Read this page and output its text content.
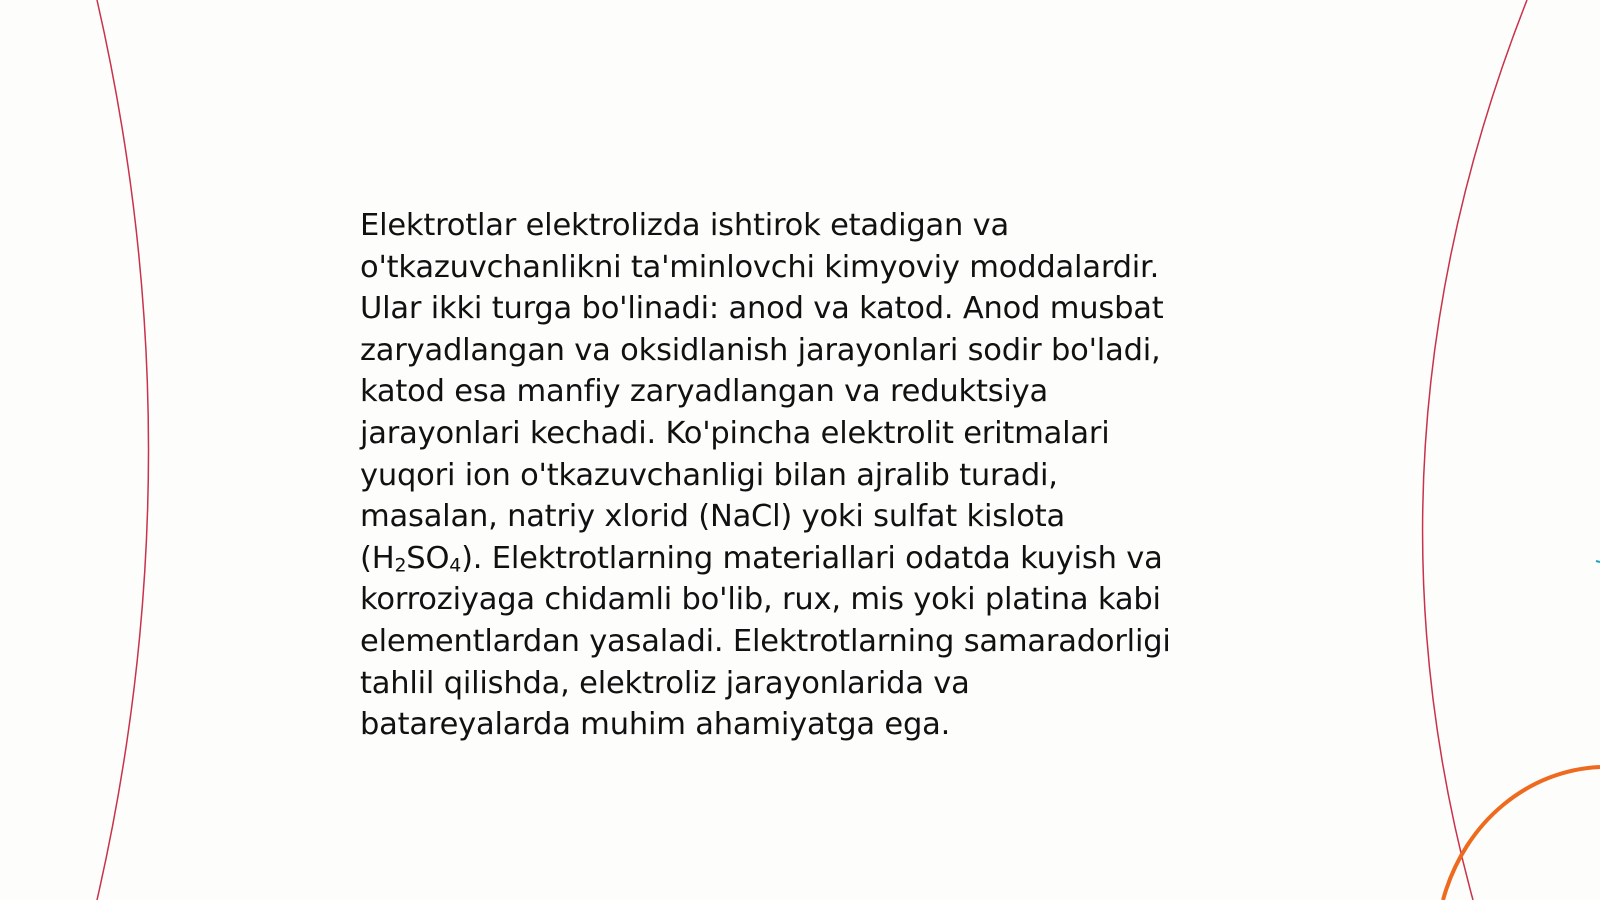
Elektrotlar elektrolizda ishtirok etadigan va
o'tkazuvchanlikni ta'minlovchi kimyoviy moddalardir.
Ular ikki turga bo'linadi: anod va katod. Anod musbat
zaryadlangan va oksidlanish jarayonlari sodir bo'ladi,
katod esa manfiy zaryadlangan va reduktsiya
jarayonlari kechadi. Ko'pincha elektrolit eritmalari
yuqori ion o'tkazuvchanligi bilan ajralib turadi,
masalan, natriy xlorid (NaCl) yoki sulfat kislota
$(H_2SO_4)$. Elektrotlarning materiallari odatda kuyish va
korroziyaga chidamli bo'lib, rux, mis yoki platina kabi
elementlardan yasaladi. Elektrotlarning samaradorligi
tahlil qilishda, elektroliz jarayonlarida va
batareyalarda muhim ahamiyatga ega.
